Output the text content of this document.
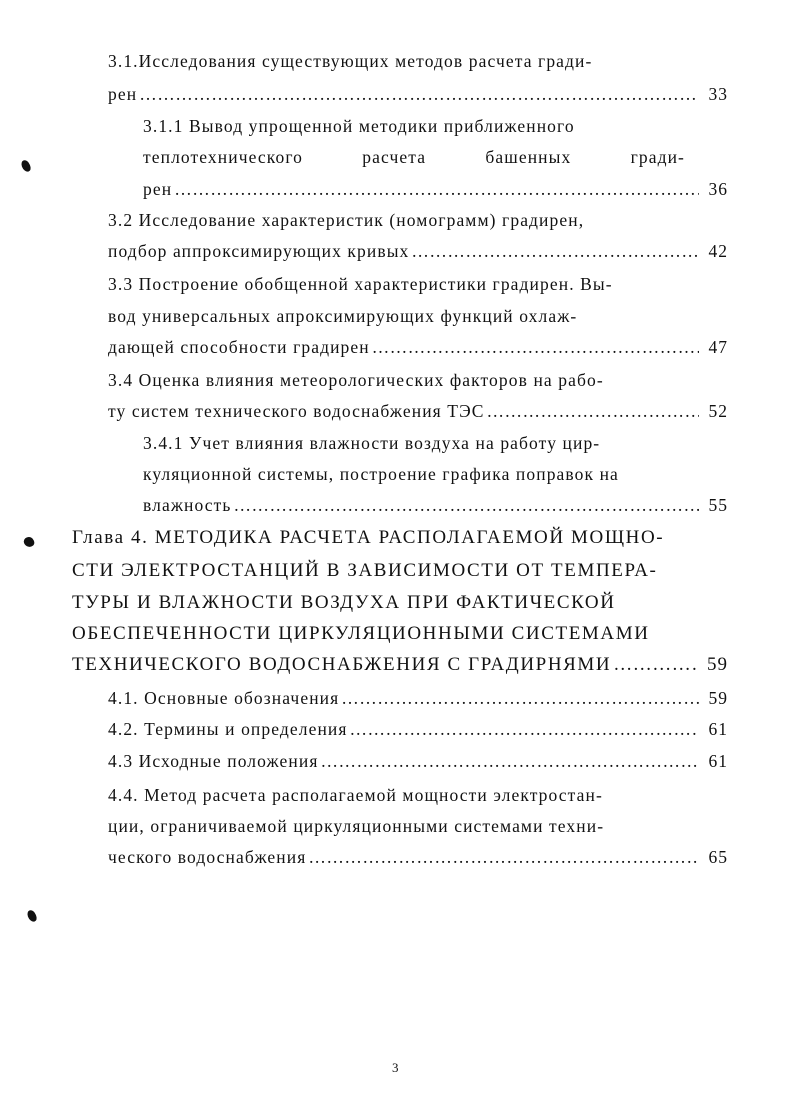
3.1.Исследования существующих методов расчета гради-
рен ………………………………………………………………………………………………………………………………………………	33
3.1.1 Вывод упрощенной методики приближенного
теплотехнического	расчета	башенных	гради-
рен ………………………………………………………………………………………………………………………………………………	36
3.2 Исследование характеристик (номограмм) градирен,
подбор аппроксимирующих кривых ………………………………………………………………………………………………………………………………………………	42
3.3 Построение обобщенной характеристики градирен. Вы-
вод универсальных апроксимирующих функций охлаж-
дающей способности градирен ………………………………………………………………………………………………………………………………………………	47
3.4 Оценка влияния метеорологических факторов на рабо-
ту систем технического водоснабжения ТЭС ………………………………………………………………………………………………………………………………………………	52
3.4.1 Учет влияния влажности воздуха на работу цир-
куляционной системы, построение графика поправок на
влажность ………………………………………………………………………………………………………………………………………………	55
Глава 4. МЕТОДИКА РАСЧЕТА РАСПОЛАГАЕМОЙ МОЩНО-
СТИ ЭЛЕКТРОСТАНЦИЙ В ЗАВИСИМОСТИ ОТ ТЕМПЕРА-
ТУРЫ И ВЛАЖНОСТИ ВОЗДУХА ПРИ ФАКТИЧЕСКОЙ
ОБЕСПЕЧЕННОСТИ ЦИРКУЛЯЦИОННЫМИ СИСТЕМАМИ
ТЕХНИЧЕСКОГО ВОДОСНАБЖЕНИЯ С ГРАДИРНЯМИ ………………………………………………………………………………………………………………………………………………	59
4.1. Основные обозначения ………………………………………………………………………………………………………………………………………………	59
4.2. Термины и определения ………………………………………………………………………………………………………………………………………………	61
4.3 Исходные положения ………………………………………………………………………………………………………………………………………………	61
4.4. Метод расчета располагаемой мощности электростан-
ции, ограничиваемой циркуляционными системами техни-
ческого водоснабжения ………………………………………………………………………………………………………………………………………………	65
3
